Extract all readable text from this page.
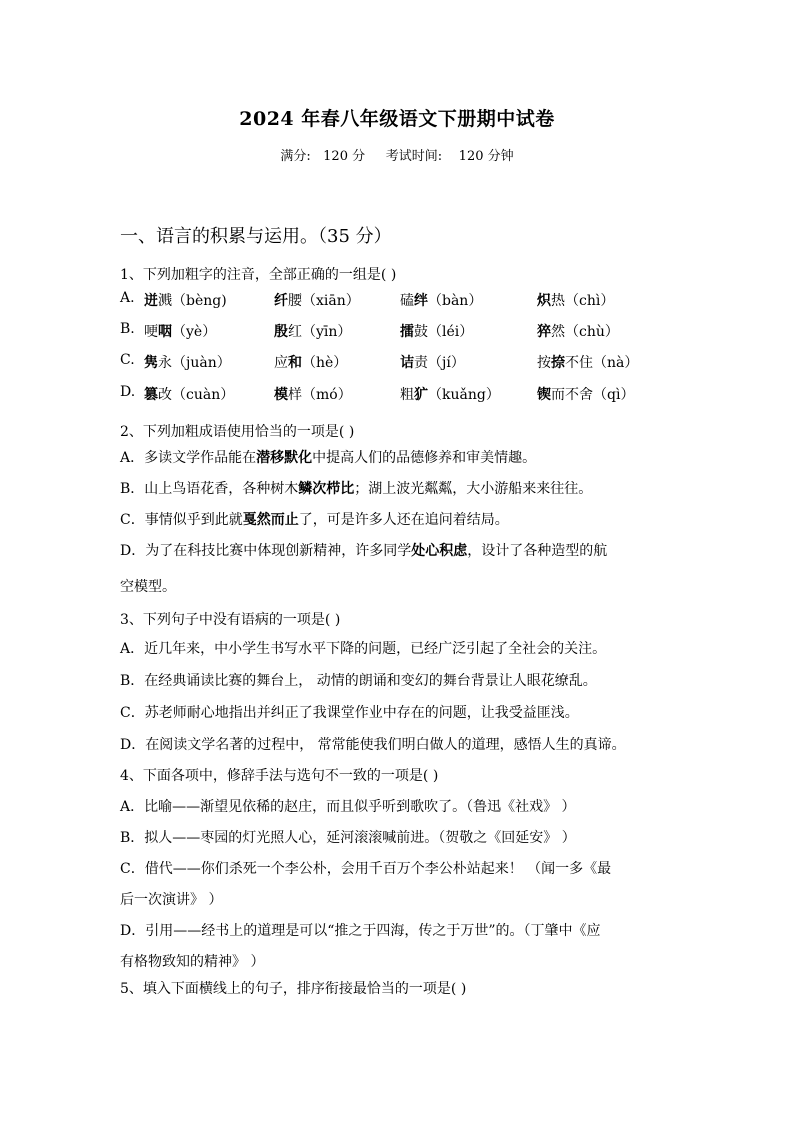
2024 年春八年级语文下册期中试卷
满分:   120 分     考试时间:    120 分钟
一、语言的积累与运用。（35 分）
1、下列加粗字的注音，全部正确的一组是( )
A. 迸溅（bèng)	纤腰（xiān）	磕绊（bàn）	炽热（chì）
B. 哽咽（yè）	殷红（yīn）	擂鼓（léi）	猝然（chù）
C. 隽永（juàn）	应和（hè）	诘责（jí）	按捺不住（nà）
D. 篡改（cuàn）	模样（mó）	粗犷（kuǎng）	锲而不舍（qì）
2、下列加粗成语使用恰当的一项是( )
A．多读文学作品能在潜移默化中提高人们的品德修养和审美情趣。
B．山上鸟语花香，各种树木鳞次栉比；湖上波光粼粼，大小游船来来往往。
C．事情似乎到此就戛然而止了，可是许多人还在追问着结局。
D．为了在科技比赛中体现创新精神，许多同学处心积虑，设计了各种造型的航
空模型。
3、下列句子中没有语病的一项是( )
A．近几年来，中小学生书写水平下降的问题，已经广泛引起了全社会的关注。
B．在经典诵读比赛的舞台上， 动情的朗诵和变幻的舞台背景让人眼花缭乱。
C．苏老师耐心地指出并纠正了我课堂作业中存在的问题，让我受益匪浅。
D．在阅读文学名著的过程中， 常常能使我们明白做人的道理，感悟人生的真谛。
4、下面各项中，修辞手法与选句不一致的一项是( )
A．比喻——渐望见依稀的赵庄，而且似乎听到歌吹了。（鲁迅《社戏》 ）
B．拟人——枣园的灯光照人心，延河滚滚喊前进。（贺敬之《回延安》 ）
C．借代——你们杀死一个李公朴，会用千百万个李公朴站起来！ （闻一多《最
后一次演讲》 ）
D．引用——经书上的道理是可以“推之于四海，传之于万世”的。（丁肇中《应
有格物致知的精神》 ）
5、填入下面横线上的句子，排序衔接最恰当的一项是( )
